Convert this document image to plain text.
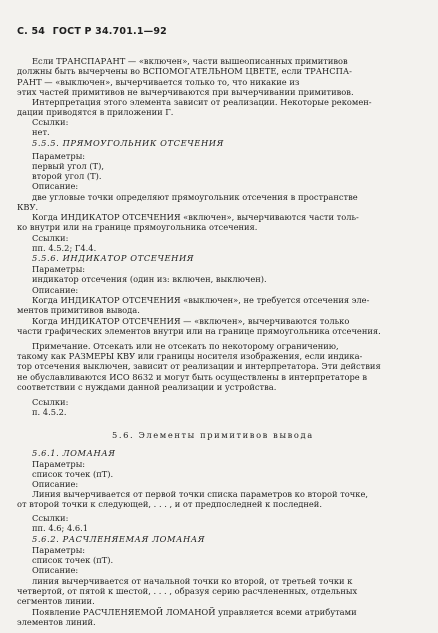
С. 54 ГОСТ Р 34.701.1—92
Если ТРАНСПАРАНТ — «включен», части вышеописанных примитивов
должны быть вычерчены во ВСПОМОГАТЕЛЬНОМ ЦВЕТЕ, если ТРАНСПА-
РАНТ — «выключен», вычерчивается только то, что никакие из
этих частей примитивов не вычерчиваются при вычерчивании примитивов.
Интерпретация этого элемента зависит от реализации. Некоторые рекомен-
дации приводятся в приложении Г.
Ссылки:
нет.
5.5.5. ПРЯМОУГОЛЬНИК ОТСЕЧЕНИЯ
Параметры:
первый угол (Т),
второй угол (Т).
Описание:
две угловые точки определяют прямоугольник отсечения в пространстве
КВУ.
Когда ИНДИКАТОР ОТСЕЧЕНИЯ «включен», вычерчиваются части толь-
ко внутри или на границе прямоугольника отсечения.
Ссылки:
пп. 4.5.2; Г4.4.
5.5.6. ИНДИКАТОР ОТСЕЧЕНИЯ
Параметры:
индикатор отсечения (один из: включен, выключен).
Описание:
Когда ИНДИКАТОР ОТСЕЧЕНИЯ «выключен», не требуется отсечения эле-
ментов примитивов вывода.
Когда ИНДИКАТОР ОТСЕЧЕНИЯ — «включен», вычерчиваются только
части графических элементов внутри или на границе прямоугольника отсечения.
Примечание. Отсекать или не отсекать по некоторому ограничению,
такому как РАЗМЕРЫ КВУ или границы носителя изображения, если индика-
тор отсечения выключен, зависит от реализации и интерпретатора. Эти действия
не обуславливаются ИСО 8632 и могут быть осуществлены в интерпретаторе в
соответствии с нуждами данной реализации и устройства.
Ссылки:
п. 4.5.2.
5.6. Элементы примитивов вывода
5.6.1. ЛОМАНАЯ
Параметры:
список точек (пТ).
Описание:
Линия вычерчивается от первой точки списка параметров ко второй точке,
от второй точки к следующей, . . . , и от предпоследней к последней.
Ссылки:
пп. 4.6; 4.6.1
5.6.2. РАСЧЛЕНЯЕМАЯ ЛОМАНАЯ
Параметры:
список точек (пТ).
Описание:
линия вычерчивается от начальной точки ко второй, от третьей точки к
четвертой, от пятой к шестой, . . . , образуя серию расчлененных, отдельных
сегментов линии.
Появление РАСЧЛЕНЯЕМОЙ ЛОМАНОЙ управляется всеми атрибутами
элементов линий.
